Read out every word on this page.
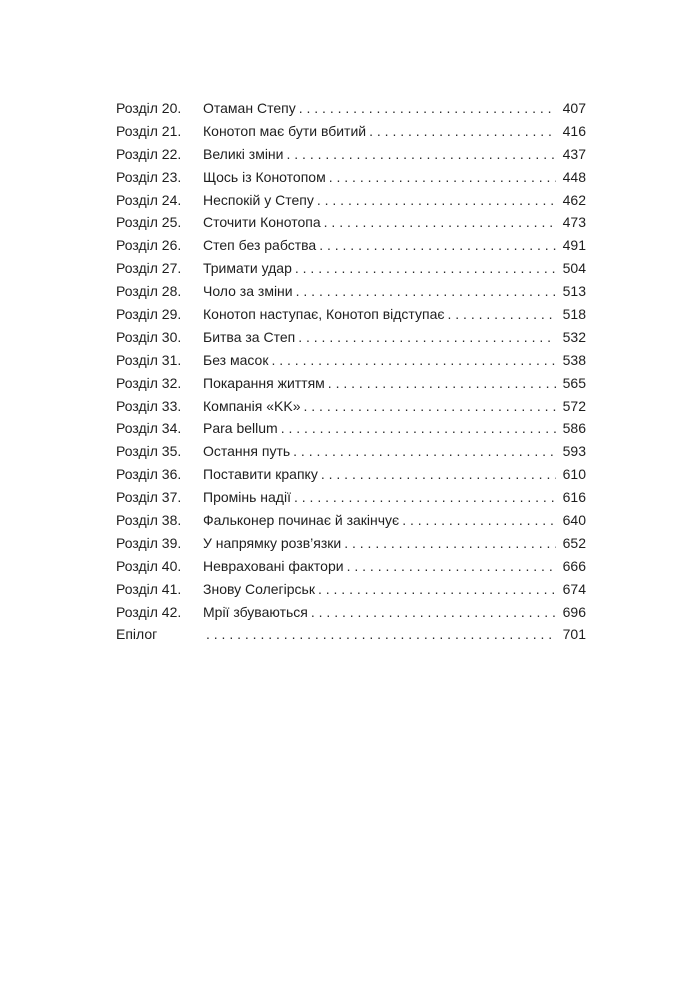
Розділ 20.	Отаман Степу . . .	407
Розділ 21.	Конотоп має бути вбитий . . .	416
Розділ 22.	Великі зміни . . .	437
Розділ 23.	Щось із Конотопом . . .	448
Розділ 24.	Неспокій у Степу . . .	462
Розділ 25.	Сточити Конотопа . . .	473
Розділ 26.	Степ без рабства . . .	491
Розділ 27.	Тримати удар . . .	504
Розділ 28.	Чоло за зміни . . .	513
Розділ 29.	Конотоп наступає, Конотоп відступає . . .	518
Розділ 30.	Битва за Степ . . .	532
Розділ 31.	Без масок . . .	538
Розділ 32.	Покарання життям . . .	565
Розділ 33.	Компанія «KK» . . .	572
Розділ 34.	Para bellum . . .	586
Розділ 35.	Остання путь . . .	593
Розділ 36.	Поставити крапку . . .	610
Розділ 37.	Промінь надії . . .	616
Розділ 38.	Фальконер починає й закінчує . . .	640
Розділ 39.	У напрямку розв’язки . . .	652
Розділ 40.	Невраховані фактори . . .	666
Розділ 41.	Знову Солегірськ . . .	674
Розділ 42.	Мрії збуваються . . .	696
Епілог . . .	701
